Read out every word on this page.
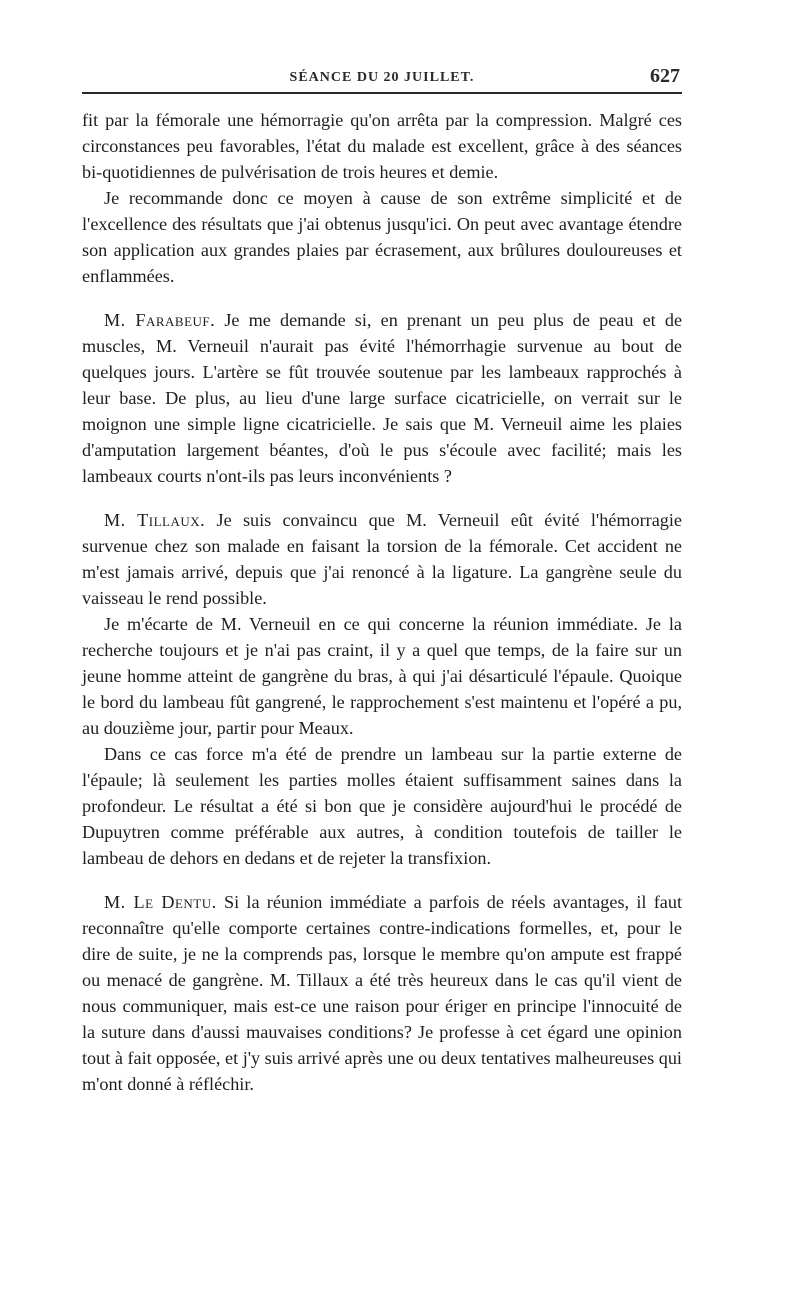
SÉANCE DU 20 JUILLET.	627

fit par la fémorale une hémorragie qu'on arrêta par la compression. Malgré ces circonstances peu favorables, l'état du malade est excellent, grâce à des séances bi-quotidiennes de pulvérisation de trois heures et demie.

Je recommande donc ce moyen à cause de son extrême simplicité et de l'excellence des résultats que j'ai obtenus jusqu'ici. On peut avec avantage étendre son application aux grandes plaies par écrasement, aux brûlures douloureuses et enflammées.

M. Farabeuf. Je me demande si, en prenant un peu plus de peau et de muscles, M. Verneuil n'aurait pas évité l'hémorrhagie survenue au bout de quelques jours. L'artère se fût trouvée soutenue par les lambeaux rapprochés à leur base. De plus, au lieu d'une large surface cicatricielle, on verrait sur le moignon une simple ligne cicatricielle. Je sais que M. Verneuil aime les plaies d'amputation largement béantes, d'où le pus s'écoule avec facilité; mais les lambeaux courts n'ont-ils pas leurs inconvénients ?

M. Tillaux. Je suis convaincu que M. Verneuil eût évité l'hémorragie survenue chez son malade en faisant la torsion de la fémorale. Cet accident ne m'est jamais arrivé, depuis que j'ai renoncé à la ligature. La gangrène seule du vaisseau le rend possible.

Je m'écarte de M. Verneuil en ce qui concerne la réunion immédiate. Je la recherche toujours et je n'ai pas craint, il y a quel que temps, de la faire sur un jeune homme atteint de gangrène du bras, à qui j'ai désarticulé l'épaule. Quoique le bord du lambeau fût gangrené, le rapprochement s'est maintenu et l'opéré a pu, au douzième jour, partir pour Meaux.

Dans ce cas force m'a été de prendre un lambeau sur la partie externe de l'épaule; là seulement les parties molles étaient suffisamment saines dans la profondeur. Le résultat a été si bon que je considère aujourd'hui le procédé de Dupuytren comme préférable aux autres, à condition toutefois de tailler le lambeau de dehors en dedans et de rejeter la transfixion.

M. Le Dentu. Si la réunion immédiate a parfois de réels avantages, il faut reconnaître qu'elle comporte certaines contre-indications formelles, et, pour le dire de suite, je ne la comprends pas, lorsque le membre qu'on ampute est frappé ou menacé de gangrène. M. Tillaux a été très heureux dans le cas qu'il vient de nous communiquer, mais est-ce une raison pour ériger en principe l'innocuité de la suture dans d'aussi mauvaises conditions? Je professe à cet égard une opinion tout à fait opposée, et j'y suis arrivé après une ou deux tentatives malheureuses qui m'ont donné à réfléchir.
